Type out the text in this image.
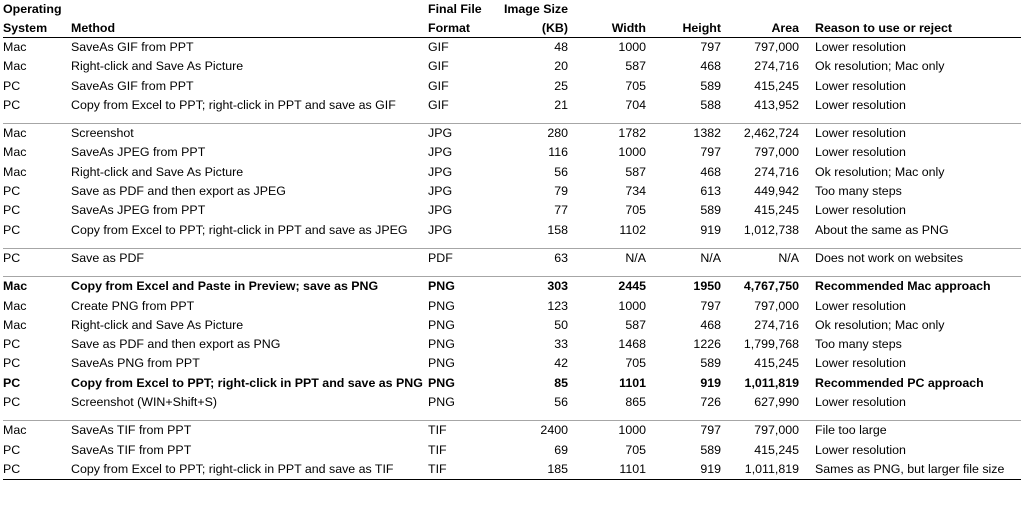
Operating		Final File	Image Size				
System	Method	Format	(KB)	Width	Height	Area	Reason to use or reject
Mac	SaveAs GIF from PPT	GIF	48	1000	797	797,000	Lower resolution
Mac	Right-click and Save As Picture	GIF	20	587	468	274,716	Ok resolution; Mac only
PC	SaveAs GIF from PPT	GIF	25	705	589	415,245	Lower resolution
PC	Copy from Excel to PPT; right-click in PPT and save as GIF	GIF	21	704	588	413,952	Lower resolution

Mac	Screenshot	JPG	280	1782	1382	2,462,724	Lower resolution
Mac	SaveAs JPEG from PPT	JPG	116	1000	797	797,000	Lower resolution
Mac	Right-click and Save As Picture	JPG	56	587	468	274,716	Ok resolution; Mac only
PC	Save as PDF and then export as JPEG	JPG	79	734	613	449,942	Too many steps
PC	SaveAs JPEG from PPT	JPG	77	705	589	415,245	Lower resolution
PC	Copy from Excel to PPT; right-click in PPT and save as JPEG	JPG	158	1102	919	1,012,738	About the same as PNG

PC	Save as PDF	PDF	63	N/A	N/A	N/A	Does not work on websites

Mac	Copy from Excel and Paste in Preview; save as PNG	PNG	303	2445	1950	4,767,750	Recommended Mac approach
Mac	Create PNG from PPT	PNG	123	1000	797	797,000	Lower resolution
Mac	Right-click and Save As Picture	PNG	50	587	468	274,716	Ok resolution; Mac only
PC	Save as PDF and then export as PNG	PNG	33	1468	1226	1,799,768	Too many steps
PC	SaveAs PNG from PPT	PNG	42	705	589	415,245	Lower resolution
PC	Copy from Excel to PPT; right-click in PPT and save as PNG	PNG	85	1101	919	1,011,819	Recommended PC approach
PC	Screenshot (WIN+Shift+S)	PNG	56	865	726	627,990	Lower resolution

Mac	SaveAs TIF from PPT	TIF	2400	1000	797	797,000	File too large
PC	SaveAs TIF from PPT	TIF	69	705	589	415,245	Lower resolution
PC	Copy from Excel to PPT; right-click in PPT and save as TIF	TIF	185	1101	919	1,011,819	Sames as PNG, but larger file size
